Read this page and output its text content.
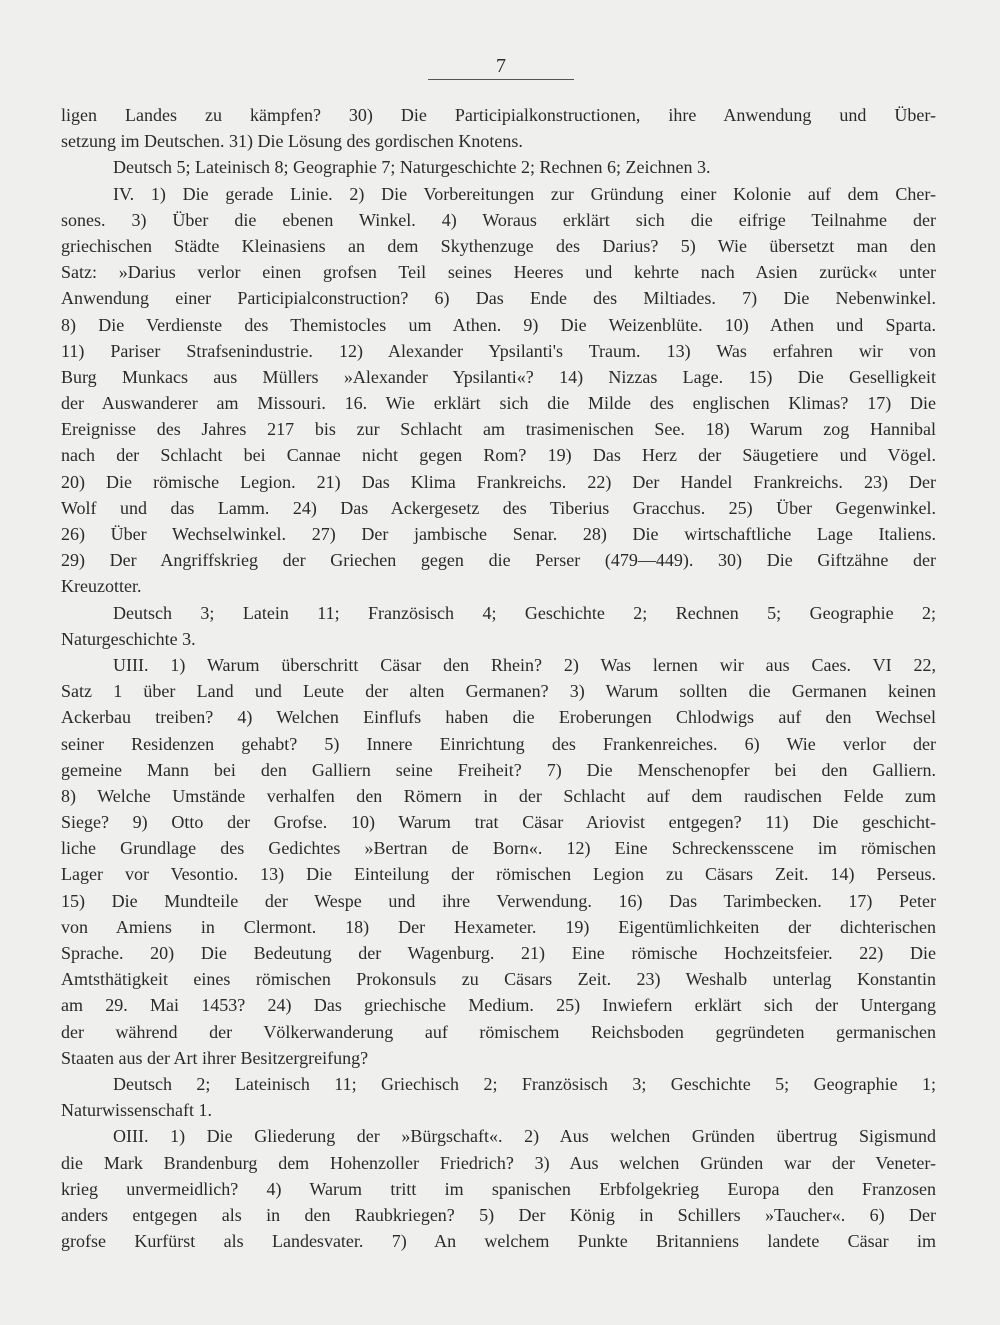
7
ligen Landes zu kämpfen? 30) Die Participialkonstructionen, ihre Anwendung und Über-
setzung im Deutschen. 31) Die Lösung des gordischen Knotens.
Deutsch 5; Lateinisch 8; Geographie 7; Naturgeschichte 2; Rechnen 6; Zeichnen 3.
IV. 1) Die gerade Linie. 2) Die Vorbereitungen zur Gründung einer Kolonie auf dem Cher-
sones. 3) Über die ebenen Winkel. 4) Woraus erklärt sich die eifrige Teilnahme der
griechischen Städte Kleinasiens an dem Skythenzuge des Darius? 5) Wie übersetzt man den
Satz: »Darius verlor einen grofsen Teil seines Heeres und kehrte nach Asien zurück« unter
Anwendung einer Participialconstruction? 6) Das Ende des Miltiades. 7) Die Nebenwinkel.
8) Die Verdienste des Themistocles um Athen. 9) Die Weizenblüte. 10) Athen und Sparta.
11) Pariser Strafsenindustrie. 12) Alexander Ypsilanti's Traum. 13) Was erfahren wir von
Burg Munkacs aus Müllers »Alexander Ypsilanti«? 14) Nizzas Lage. 15) Die Geselligkeit
der Auswanderer am Missouri. 16. Wie erklärt sich die Milde des englischen Klimas? 17) Die
Ereignisse des Jahres 217 bis zur Schlacht am trasimenischen See. 18) Warum zog Hannibal
nach der Schlacht bei Cannae nicht gegen Rom? 19) Das Herz der Säugetiere und Vögel.
20) Die römische Legion. 21) Das Klima Frankreichs. 22) Der Handel Frankreichs. 23) Der
Wolf und das Lamm. 24) Das Ackergesetz des Tiberius Gracchus. 25) Über Gegenwinkel.
26) Über Wechselwinkel. 27) Der jambische Senar. 28) Die wirtschaftliche Lage Italiens.
29) Der Angriffskrieg der Griechen gegen die Perser (479—449). 30) Die Giftzähne der
Kreuzotter.
Deutsch 3; Latein 11; Französisch 4; Geschichte 2; Rechnen 5; Geographie 2;
Naturgeschichte 3.
UIII. 1) Warum überschritt Cäsar den Rhein? 2) Was lernen wir aus Caes. VI 22,
Satz 1 über Land und Leute der alten Germanen? 3) Warum sollten die Germanen keinen
Ackerbau treiben? 4) Welchen Einflufs haben die Eroberungen Chlodwigs auf den Wechsel
seiner Residenzen gehabt? 5) Innere Einrichtung des Frankenreiches. 6) Wie verlor der
gemeine Mann bei den Galliern seine Freiheit? 7) Die Menschenopfer bei den Galliern.
8) Welche Umstände verhalfen den Römern in der Schlacht auf dem raudischen Felde zum
Siege? 9) Otto der Grofse. 10) Warum trat Cäsar Ariovist entgegen? 11) Die geschicht-
liche Grundlage des Gedichtes »Bertran de Born«. 12) Eine Schreckensscene im römischen
Lager vor Vesontio. 13) Die Einteilung der römischen Legion zu Cäsars Zeit. 14) Perseus.
15) Die Mundteile der Wespe und ihre Verwendung. 16) Das Tarimbecken. 17) Peter
von Amiens in Clermont. 18) Der Hexameter. 19) Eigentümlichkeiten der dichterischen
Sprache. 20) Die Bedeutung der Wagenburg. 21) Eine römische Hochzeitsfeier. 22) Die
Amtsthätigkeit eines römischen Prokonsuls zu Cäsars Zeit. 23) Weshalb unterlag Konstantin
am 29. Mai 1453? 24) Das griechische Medium. 25) Inwiefern erklärt sich der Untergang
der während der Völkerwanderung auf römischem Reichsboden gegründeten germanischen
Staaten aus der Art ihrer Besitzergreifung?
Deutsch 2; Lateinisch 11; Griechisch 2; Französisch 3; Geschichte 5; Geographie 1;
Naturwissenschaft 1.
OIII. 1) Die Gliederung der »Bürgschaft«. 2) Aus welchen Gründen übertrug Sigismund
die Mark Brandenburg dem Hohenzoller Friedrich? 3) Aus welchen Gründen war der Veneter-
krieg unvermeidlich? 4) Warum tritt im spanischen Erbfolgekrieg Europa den Franzosen
anders entgegen als in den Raubkriegen? 5) Der König in Schillers »Taucher«. 6) Der
grofse Kurfürst als Landesvater. 7) An welchem Punkte Britanniens landete Cäsar im
